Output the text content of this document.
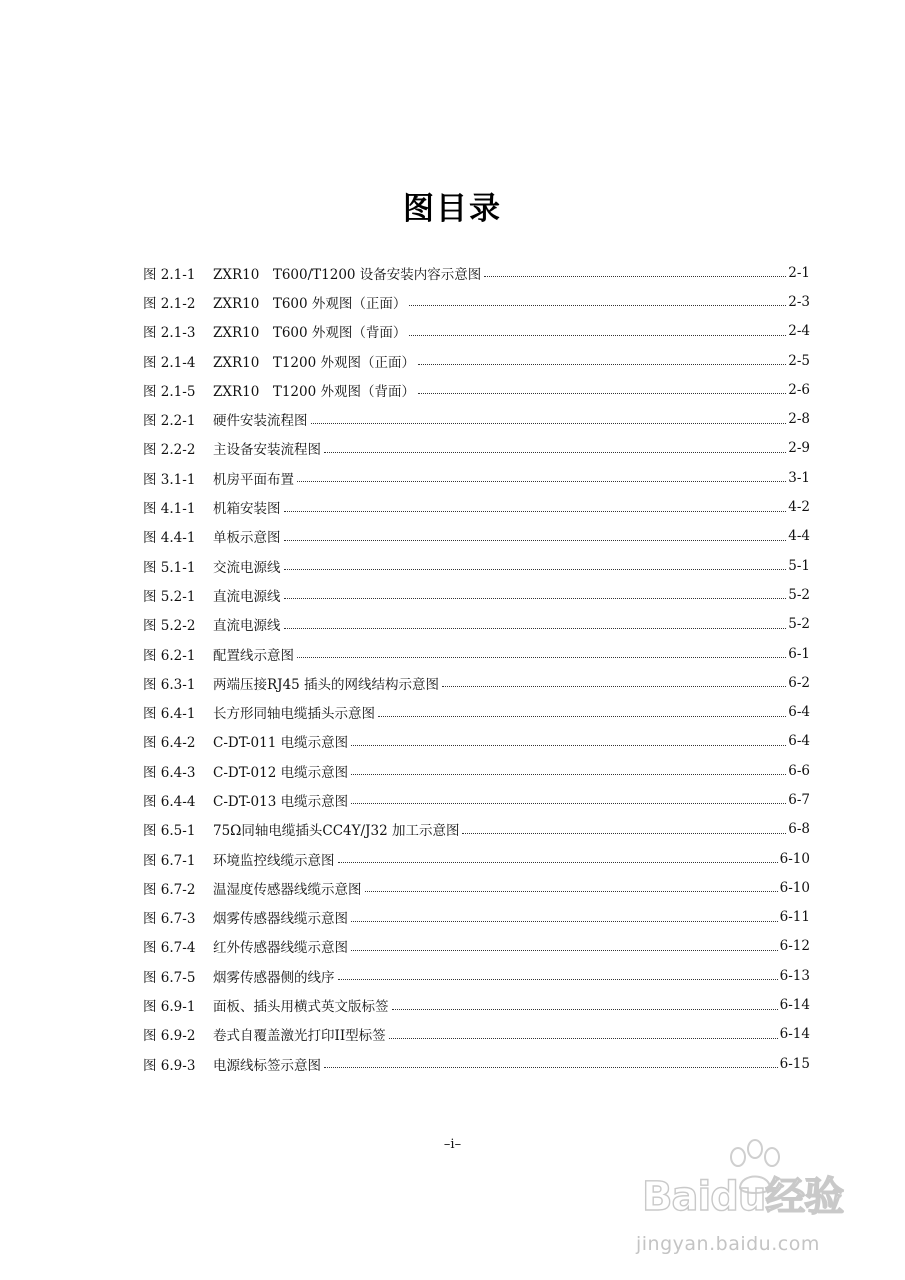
图目录
图 2.1-1	ZXR10　T600/T1200 设备安装内容示意图	2-1
图 2.1-2	ZXR10　T600 外观图（正面）	2-3
图 2.1-3	ZXR10　T600 外观图（背面）	2-4
图 2.1-4	ZXR10　T1200 外观图（正面）	2-5
图 2.1-5	ZXR10　T1200 外观图（背面）	2-6
图 2.2-1	硬件安装流程图	2-8
图 2.2-2	主设备安装流程图	2-9
图 3.1-1	机房平面布置	3-1
图 4.1-1	机箱安装图	4-2
图 4.4-1	单板示意图	4-4
图 5.1-1	交流电源线	5-1
图 5.2-1	直流电源线	5-2
图 5.2-2	直流电源线	5-2
图 6.2-1	配置线示意图	6-1
图 6.3-1	两端压接RJ45 插头的网线结构示意图	6-2
图 6.4-1	长方形同轴电缆插头示意图	6-4
图 6.4-2	C-DT-011 电缆示意图	6-4
图 6.4-3	C-DT-012 电缆示意图	6-6
图 6.4-4	C-DT-013 电缆示意图	6-7
图 6.5-1	75Ω同轴电缆插头CC4Y/J32 加工示意图	6-8
图 6.7-1	环境监控线缆示意图	6-10
图 6.7-2	温湿度传感器线缆示意图	6-10
图 6.7-3	烟雾传感器线缆示意图	6-11
图 6.7-4	红外传感器线缆示意图	6-12
图 6.7-5	烟雾传感器侧的线序	6-13
图 6.9-1	面板、插头用横式英文版标签	6-14
图 6.9-2	卷式自覆盖激光打印II型标签	6-14
图 6.9-3	电源线标签示意图	6-15
–i–
Baidu经验
jingyan.baidu.com
